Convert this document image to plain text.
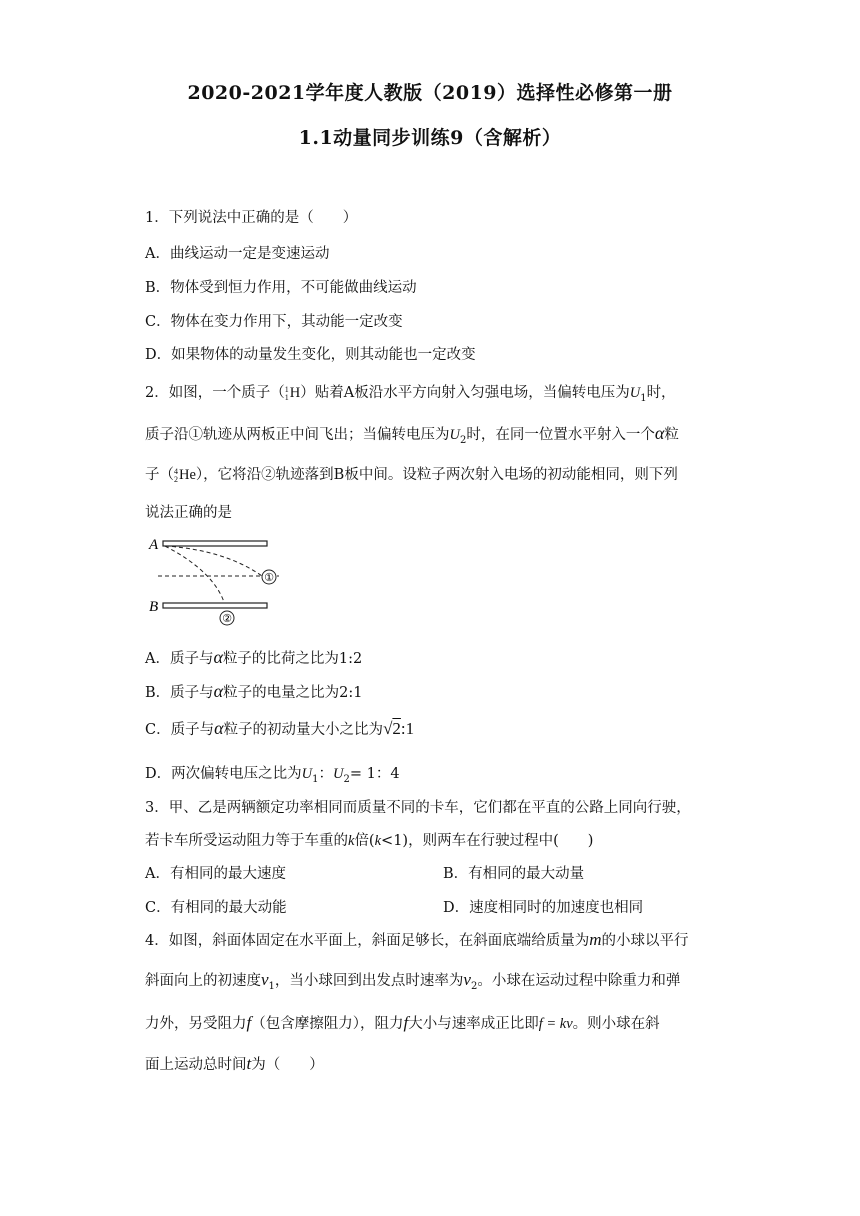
2020-2021学年度人教版（2019）选择性必修第一册
1.1动量同步训练9（含解析）
1．下列说法中正确的是（　　）
A．曲线运动一定是变速运动
B．物体受到恒力作用，不可能做曲线运动
C．物体在变力作用下，其动能一定改变
D．如果物体的动量发生变化，则其动能也一定改变
2．如图，一个质子（1
1H）贴着A板沿水平方向射入匀强电场，当偏转电压为$U_1$时，
质子沿①轨迹从两板正中间飞出；当偏转电压为$U_2$时，在同一位置水平射入一个α粒
子（4
2He），它将沿②轨迹落到B板中间。设粒子两次射入电场的初动能相同，则下列
说法正确的是
A
①
B
②
A．质子与α粒子的比荷之比为1:2
B．质子与α粒子的电量之比为2:1
C．质子与α粒子的初动量大小之比为√2:1
D．两次偏转电压之比为$U_1$：$U_2= 1$：4
3．甲、乙是两辆额定功率相同而质量不同的卡车，它们都在平直的公路上同向行驶，
若卡车所受运动阻力等于车重的k倍(k<1)，则两车在行驶过程中(　　)
A．有相同的最大速度	B．有相同的最大动量
C．有相同的最大动能	D．速度相同时的加速度也相同
4．如图，斜面体固定在水平面上，斜面足够长，在斜面底端给质量为m的小球以平行
斜面向上的初速度$v_1$，当小球回到出发点时速率为$v_2$。小球在运动过程中除重力和弹
力外，另受阻力f（包含摩擦阻力），阻力f大小与速率成正比即f = kv。则小球在斜
面上运动总时间t为（　　）
